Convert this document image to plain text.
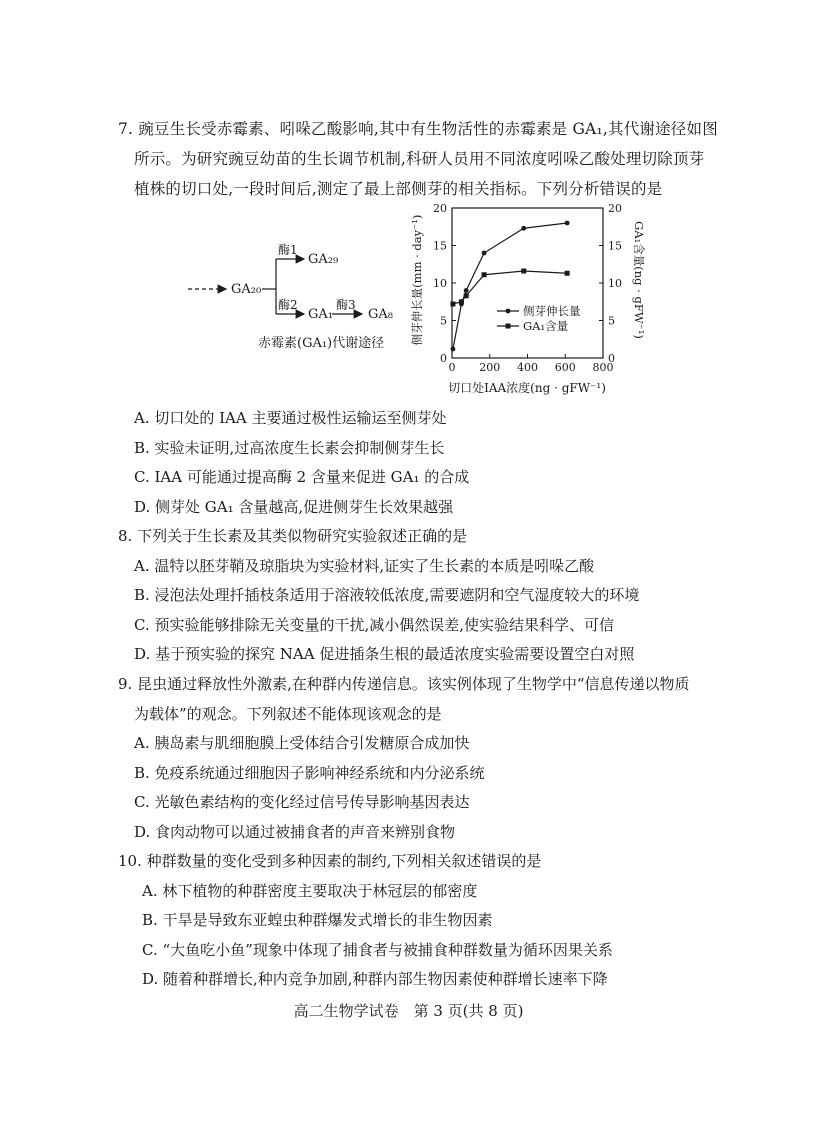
7. 豌豆生长受赤霉素、吲哚乙酸影响,其中有生物活性的赤霉素是 GA₁,其代谢途径如图
所示。为研究豌豆幼苗的生长调节机制,科研人员用不同浓度吲哚乙酸处理切除顶芽
植株的切口处,一段时间后,测定了最上部侧芽的相关指标。下列分析错误的是
GA₂₀
酶1
酶2
GA₂₉
GA₁
酶3
GA₈
赤霉素(GA₁)代谢途径
0 200 400 600 800
0
5
10
15
20
0
5
10
15
20
侧芽伸长量
GA₁含量
侧芽伸长量(mm · day⁻¹)	GA₁含量(ng · gFW⁻¹)
切口处IAA浓度(ng · gFW⁻¹)
A. 切口处的 IAA 主要通过极性运输运至侧芽处
B. 实验未证明,过高浓度生长素会抑制侧芽生长
C. IAA 可能通过提高酶 2 含量来促进 GA₁ 的合成
D. 侧芽处 GA₁ 含量越高,促进侧芽生长效果越强
8. 下列关于生长素及其类似物研究实验叙述正确的是
A. 温特以胚芽鞘及琼脂块为实验材料,证实了生长素的本质是吲哚乙酸
B. 浸泡法处理扦插枝条适用于溶液较低浓度,需要遮阴和空气湿度较大的环境
C. 预实验能够排除无关变量的干扰,减小偶然误差,使实验结果科学、可信
D. 基于预实验的探究 NAA 促进插条生根的最适浓度实验需要设置空白对照
9. 昆虫通过释放性外激素,在种群内传递信息。该实例体现了生物学中“信息传递以物质
为载体”的观念。下列叙述不能体现该观念的是
A. 胰岛素与肌细胞膜上受体结合引发糖原合成加快
B. 免疫系统通过细胞因子影响神经系统和内分泌系统
C. 光敏色素结构的变化经过信号传导影响基因表达
D. 食肉动物可以通过被捕食者的声音来辨别食物
10. 种群数量的变化受到多种因素的制约,下列相关叙述错误的是
A. 林下植物的种群密度主要取决于林冠层的郁密度
B. 干旱是导致东亚蝗虫种群爆发式增长的非生物因素
C. “大鱼吃小鱼”现象中体现了捕食者与被捕食种群数量为循环因果关系
D. 随着种群增长,种内竞争加剧,种群内部生物因素使种群增长速率下降
高二生物学试卷　第 3 页(共 8 页)
